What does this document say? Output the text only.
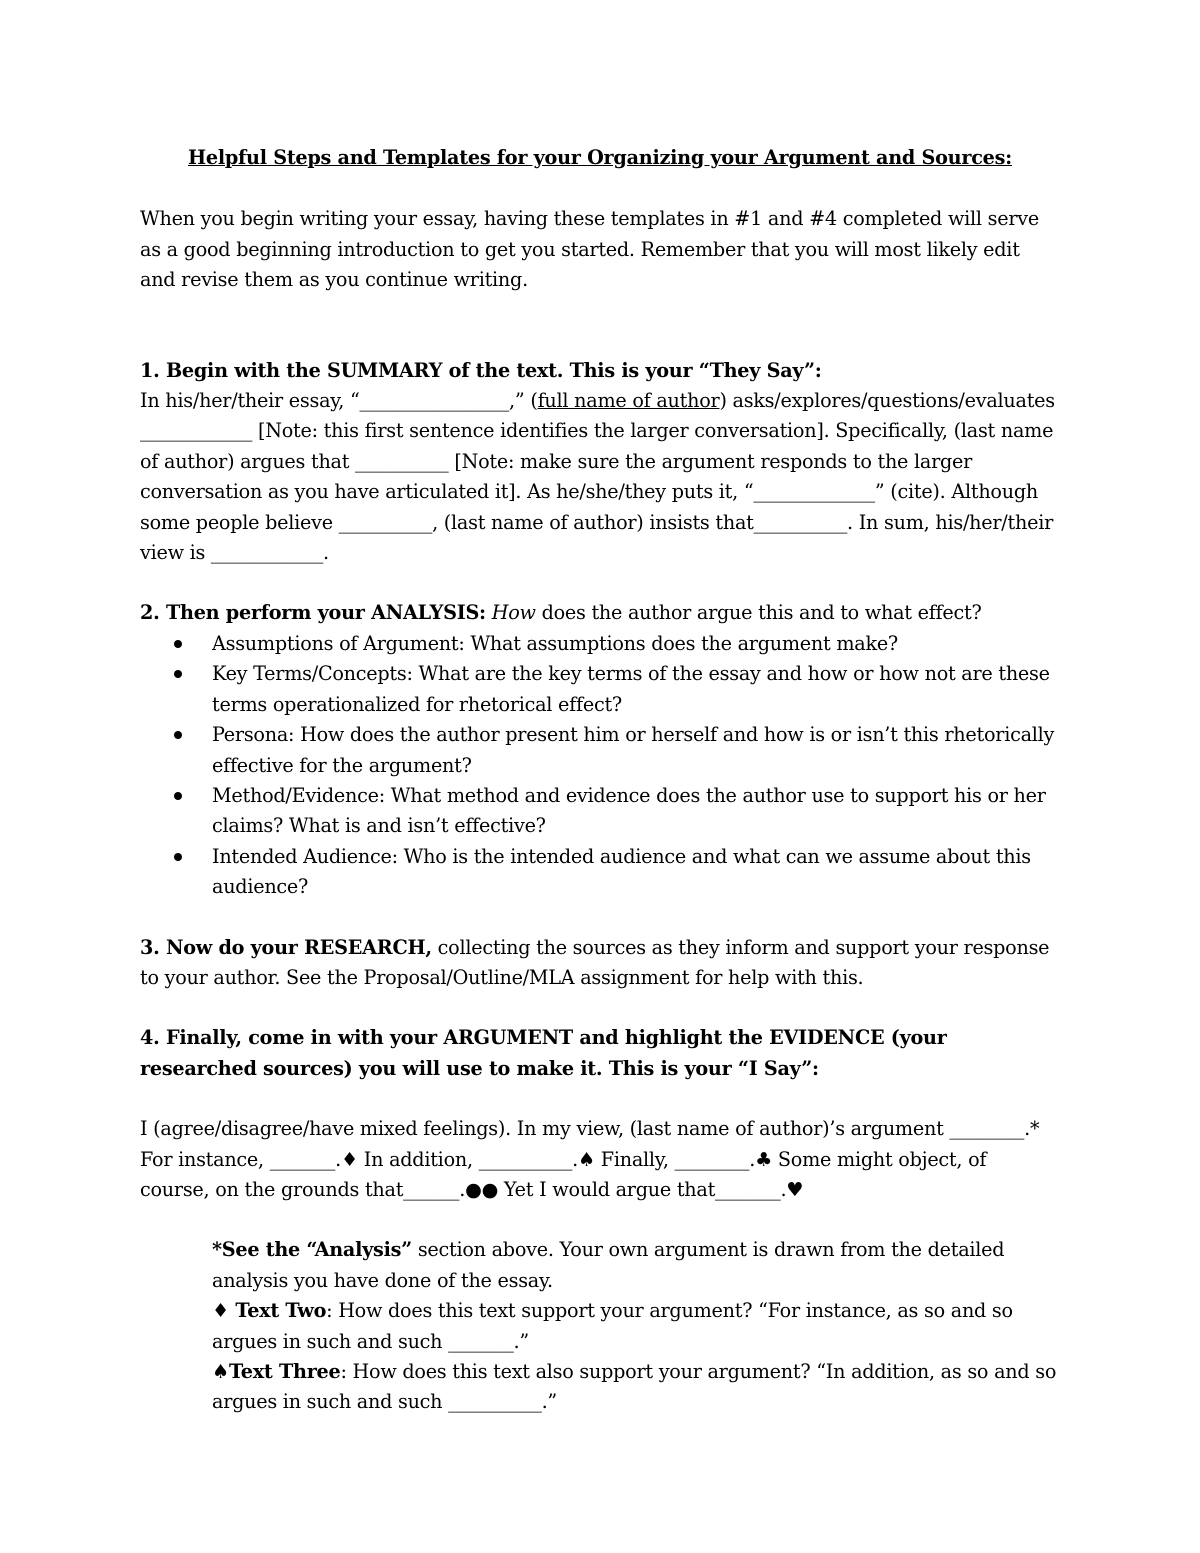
Helpful Steps and Templates for your Organizing your Argument and Sources:

When you begin writing your essay, having these templates in #1 and #4 completed will serve as a good beginning introduction to get you started. Remember that you will most likely edit and revise them as you continue writing.

1. Begin with the SUMMARY of the text. This is your “They Say”:

In his/her/their essay, “________________,” (full name of author) asks/explores/questions/evaluates ____________ [Note: this first sentence identifies the larger conversation]. Specifically, (last name of author) argues that __________ [Note: make sure the argument responds to the larger conversation as you have articulated it]. As he/she/they puts it, “_____________” (cite). Although some people believe __________, (last name of author) insists that__________. In sum, his/her/their view is ____________.

2. Then perform your ANALYSIS: How does the author argue this and to what effect?

Assumptions of Argument: What assumptions does the argument make?
Key Terms/Concepts: What are the key terms of the essay and how or how not are these terms operationalized for rhetorical effect?
Persona: How does the author present him or herself and how is or isn’t this rhetorically effective for the argument?
Method/Evidence: What method and evidence does the author use to support his or her claims? What is and isn’t effective?
Intended Audience: Who is the intended audience and what can we assume about this audience?

3. Now do your RESEARCH, collecting the sources as they inform and support your response to your author. See the Proposal/Outline/MLA assignment for help with this.

4. Finally, come in with your ARGUMENT and highlight the EVIDENCE (your researched sources) you will use to make it. This is your “I Say”:

I (agree/disagree/have mixed feelings). In my view, (last name of author)’s argument ________.* For instance, _______.♦ In addition, __________.♠ Finally, ________.♣ Some might object, of course, on the grounds that______.●● Yet I would argue that_______.♥

*See the “Analysis” section above. Your own argument is drawn from the detailed analysis you have done of the essay.

♦ Text Two: How does this text support your argument? “For instance, as so and so argues in such and such _______.”

♠Text Three: How does this text also support your argument? “In addition, as so and so argues in such and such __________.”
